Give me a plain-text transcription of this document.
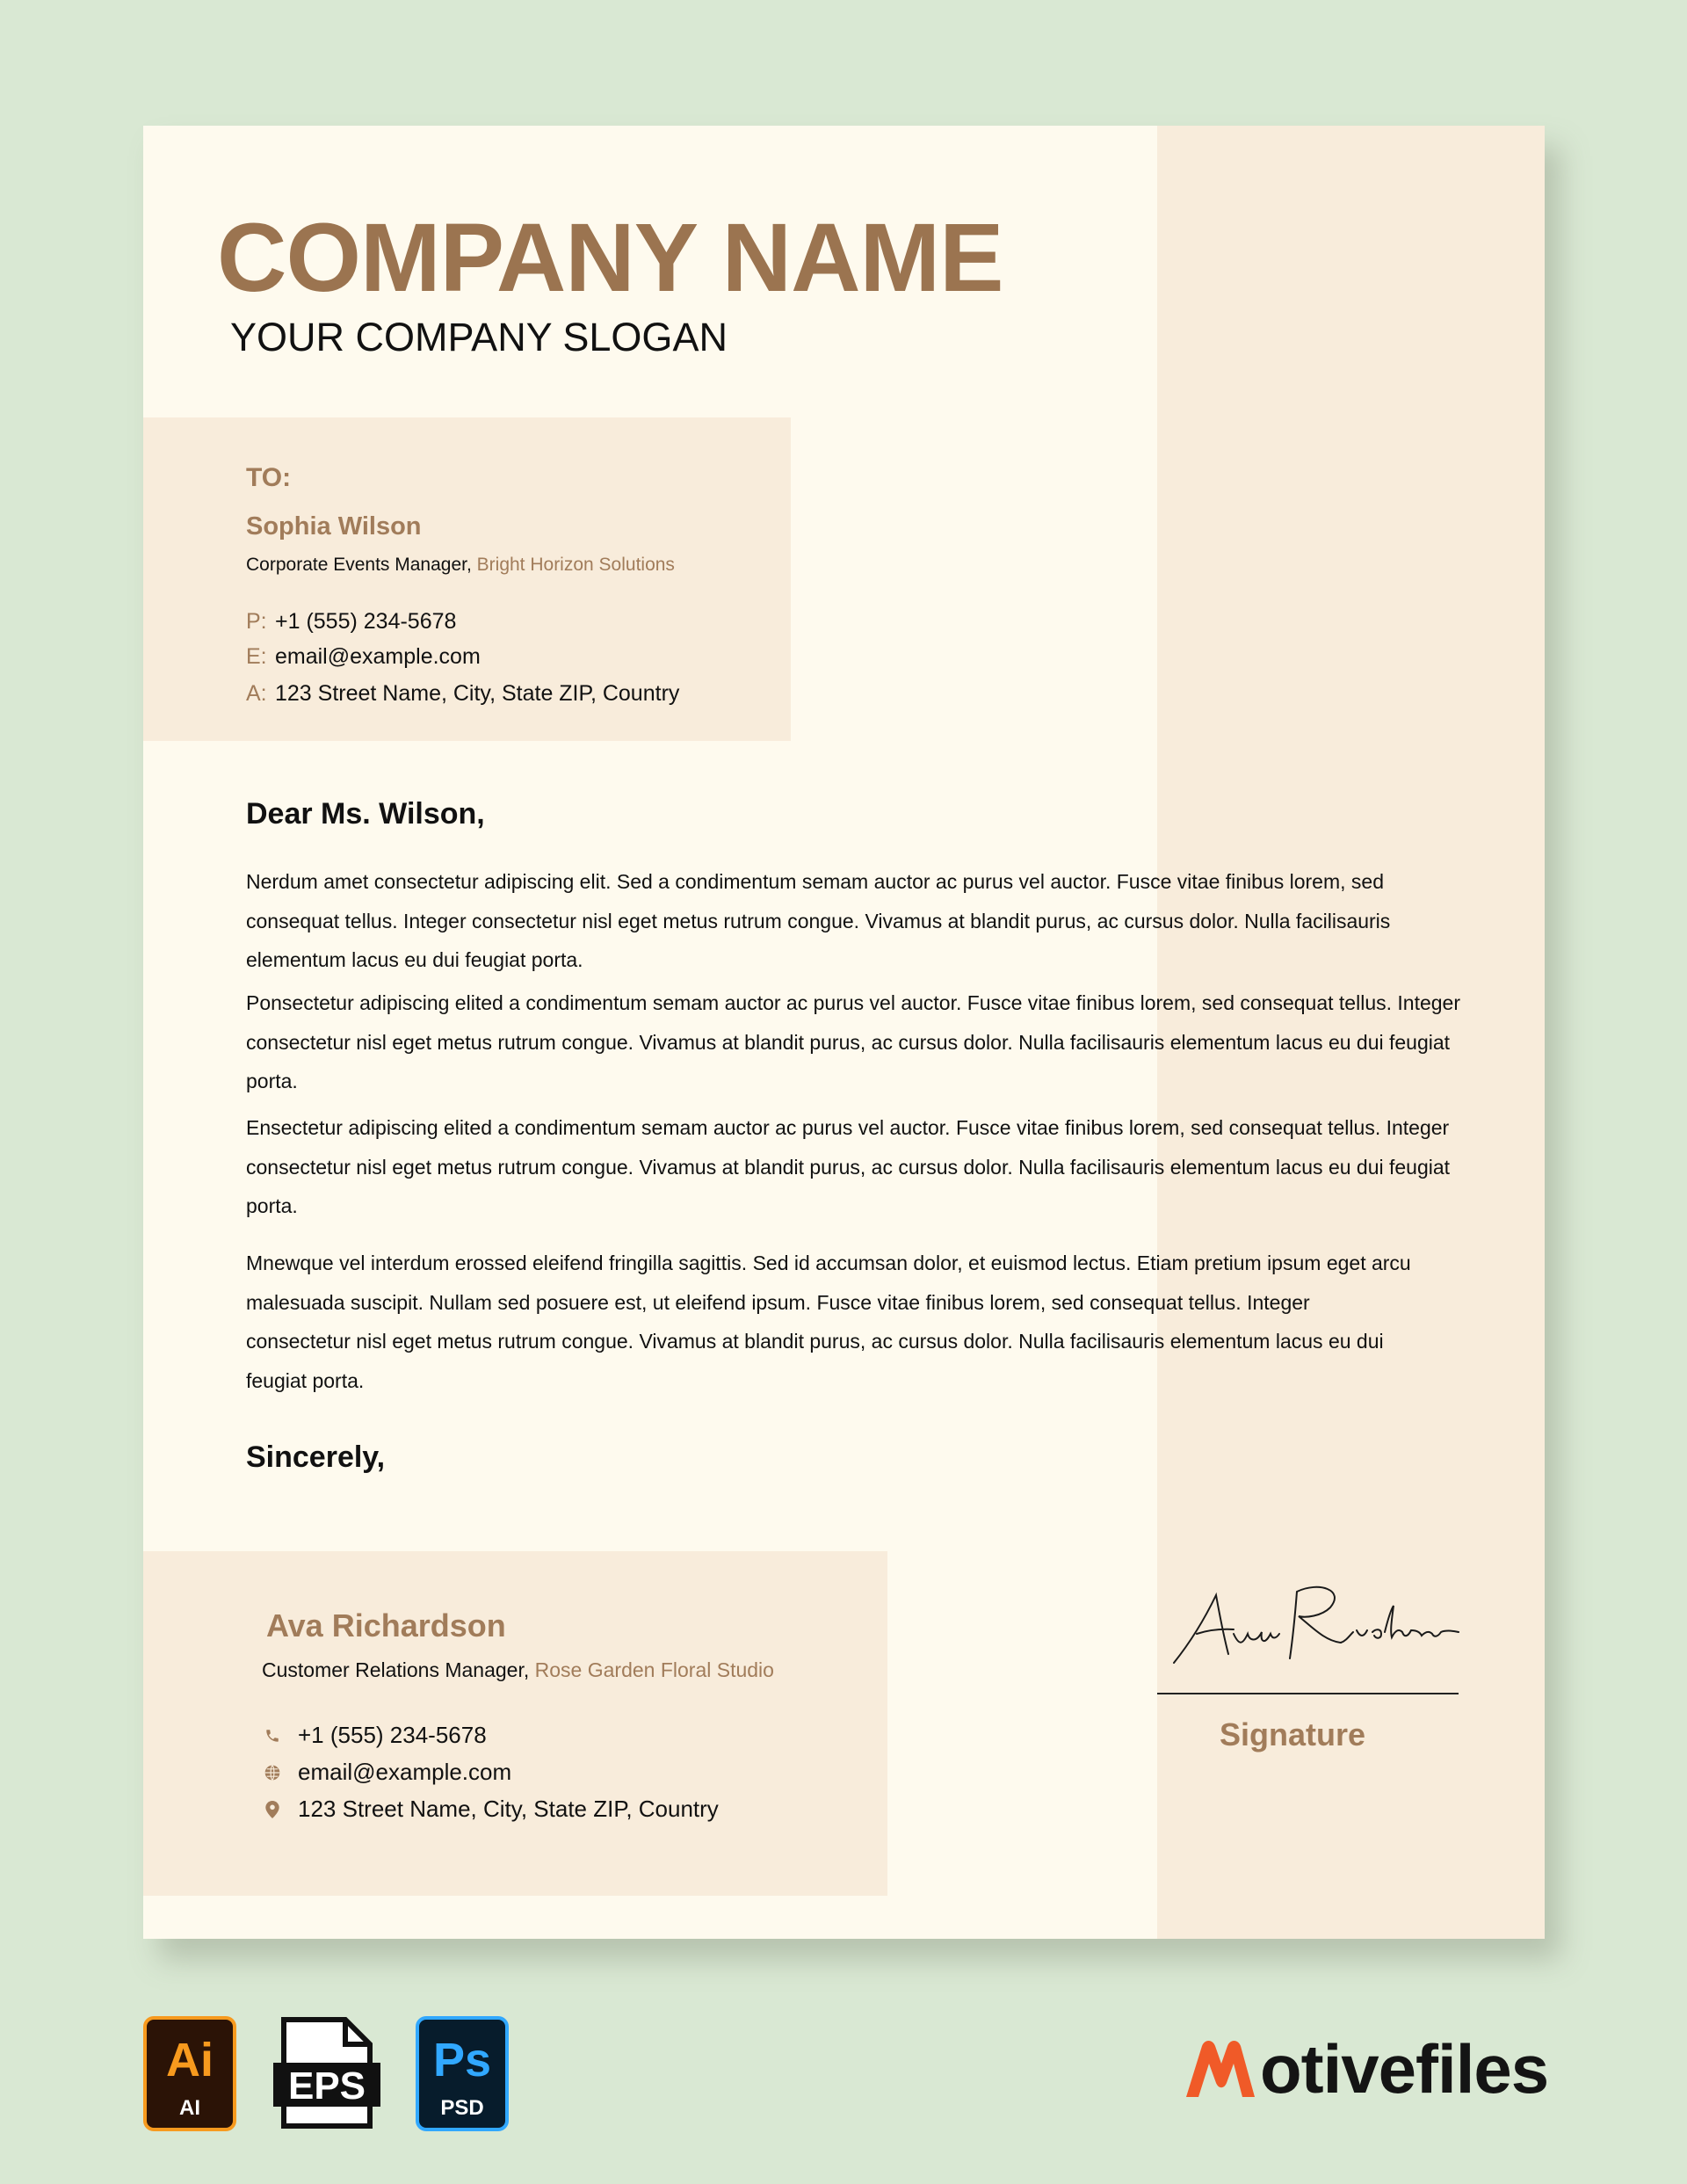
COMPANY NAME
YOUR COMPANY SLOGAN
TO:
Sophia Wilson
Corporate Events Manager, Bright Horizon Solutions
P: +1 (555) 234-5678
E: email@example.com
A: 123 Street Name, City, State ZIP, Country
Dear Ms. Wilson,

Nerdum amet consectetur adipiscing elit. Sed a condimentum semam auctor ac purus vel auctor. Fusce vitae finibus lorem, sed consequat tellus. Integer consectetur nisl eget metus rutrum congue. Vivamus at blandit purus, ac cursus dolor. Nulla facilisauris elementum lacus eu dui feugiat porta.

Ponsectetur adipiscing elited a condimentum semam auctor ac purus vel auctor. Fusce vitae finibus lorem, sed consequat tellus. Integer consectetur nisl eget metus rutrum congue. Vivamus at blandit purus, ac cursus dolor. Nulla facilisauris elementum lacus eu dui feugiat porta.

Ensectetur adipiscing elited a condimentum semam auctor ac purus vel auctor. Fusce vitae finibus lorem, sed consequat tellus. Integer consectetur nisl eget metus rutrum congue. Vivamus at blandit purus, ac cursus dolor. Nulla facilisauris elementum lacus eu dui feugiat porta.

Mnewque vel interdum erossed eleifend fringilla sagittis. Sed id accumsan dolor, et euismod lectus. Etiam pretium ipsum eget arcu malesuada suscipit. Nullam sed posuere est, ut eleifend ipsum. Fusce vitae finibus lorem, sed consequat tellus. Integer consectetur nisl eget metus rutrum congue. Vivamus at blandit purus, ac cursus dolor. Nulla facilisauris elementum lacus eu dui feugiat porta.

Sincerely,
Ava Richardson
Customer Relations Manager, Rose Garden Floral Studio
+1 (555) 234-5678
email@example.com
123 Street Name, City, State ZIP, Country
Signature
Ai
AI
EPS Ps
PSD
otivefiles
